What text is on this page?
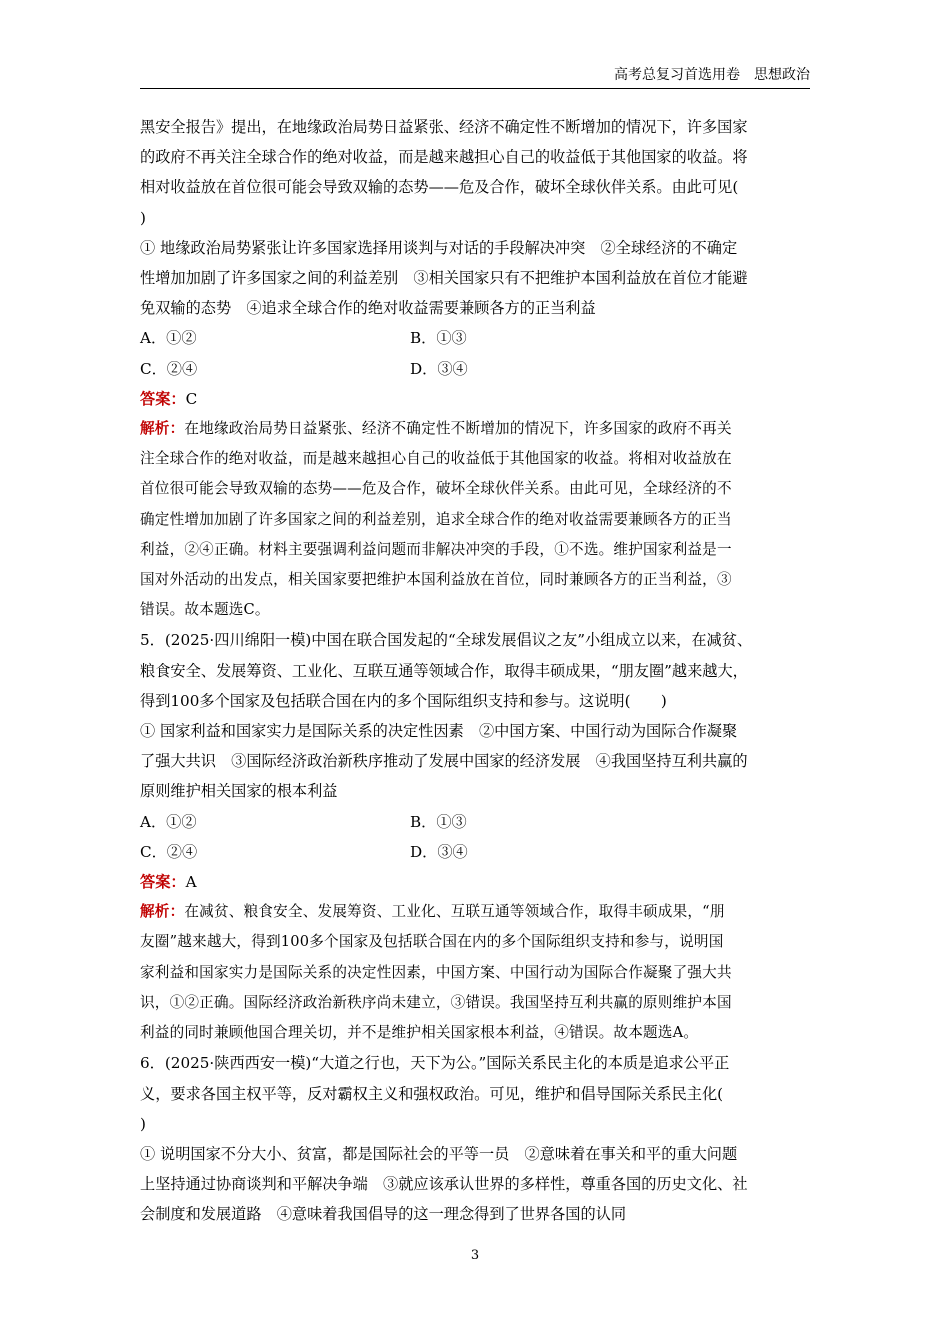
高考总复习首选用卷　思想政治

黑安全报告》提出，在地缘政治局势日益紧张、经济不确定性不断增加的情况下，许多国家

的政府不再关注全球合作的绝对收益，而是越来越担心自己的收益低于其他国家的收益。将

相对收益放在首位很可能会导致双输的态势——危及合作，破坏全球伙伴关系。由此可见(

)

① 地缘政治局势紧张让许多国家选择用谈判与对话的手段解决冲突　②全球经济的不确定

性增加加剧了许多国家之间的利益差别　③相关国家只有不把维护本国利益放在首位才能避

免双输的态势　④追求全球合作的绝对收益需要兼顾各方的正当利益

A．①②	B．①③
C．②④	D．③④

答案：C

解析：在地缘政治局势日益紧张、经济不确定性不断增加的情况下，许多国家的政府不再关

注全球合作的绝对收益，而是越来越担心自己的收益低于其他国家的收益。将相对收益放在

首位很可能会导致双输的态势——危及合作，破坏全球伙伴关系。由此可见，全球经济的不

确定性增加加剧了许多国家之间的利益差别，追求全球合作的绝对收益需要兼顾各方的正当

利益，②④正确。材料主要强调利益问题而非解决冲突的手段，①不选。维护国家利益是一

国对外活动的出发点，相关国家要把维护本国利益放在首位，同时兼顾各方的正当利益，③

错误。故本题选C。

5．(2025·四川绵阳一模)中国在联合国发起的“全球发展倡议之友”小组成立以来，在减贫、

粮食安全、发展筹资、工业化、互联互通等领域合作，取得丰硕成果，“朋友圈”越来越大，

得到100多个国家及包括联合国在内的多个国际组织支持和参与。这说明(　　)

① 国家利益和国家实力是国际关系的决定性因素　②中国方案、中国行动为国际合作凝聚

了强大共识　③国际经济政治新秩序推动了发展中国家的经济发展　④我国坚持互利共赢的

原则维护相关国家的根本利益

A．①②	B．①③
C．②④	D．③④

答案：A

解析：在减贫、粮食安全、发展筹资、工业化、互联互通等领域合作，取得丰硕成果，“朋

友圈”越来越大，得到100多个国家及包括联合国在内的多个国际组织支持和参与，说明国

家利益和国家实力是国际关系的决定性因素，中国方案、中国行动为国际合作凝聚了强大共

识，①②正确。国际经济政治新秩序尚未建立，③错误。我国坚持互利共赢的原则维护本国

利益的同时兼顾他国合理关切，并不是维护相关国家根本利益，④错误。故本题选A。

6．(2025·陕西西安一模)“大道之行也，天下为公。”国际关系民主化的本质是追求公平正

义，要求各国主权平等，反对霸权主义和强权政治。可见，维护和倡导国际关系民主化(

)

① 说明国家不分大小、贫富，都是国际社会的平等一员　②意味着在事关和平的重大问题

上坚持通过协商谈判和平解决争端　③就应该承认世界的多样性，尊重各国的历史文化、社

会制度和发展道路　④意味着我国倡导的这一理念得到了世界各国的认同

3
